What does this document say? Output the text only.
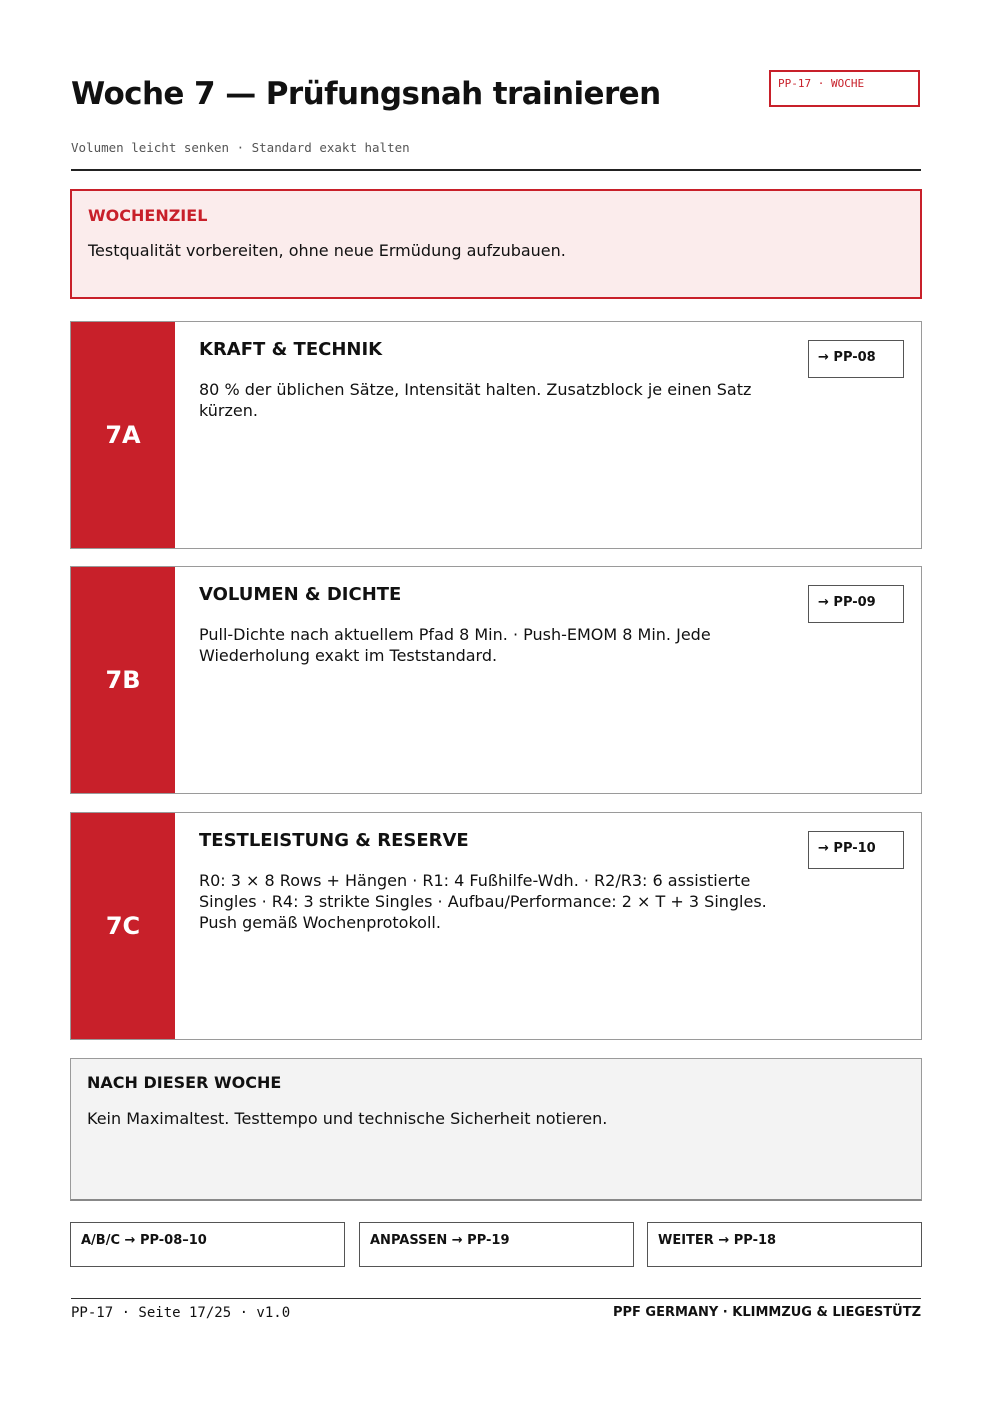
Woche 7 — Prüfungsnah trainieren	PP-17 · WOCHE
Volumen leicht senken · Standard exakt halten
WOCHENZIEL
Testqualität vorbereiten, ohne neue Ermüdung aufzubauen.
7A
KRAFT & TECHNIK
80 % der üblichen Sätze, Intensität halten. Zusatzblock je einen Satz kürzen.
→ PP-08
7B
VOLUMEN & DICHTE
Pull-Dichte nach aktuellem Pfad 8 Min. · Push-EMOM 8 Min. Jede Wiederholung exakt im Teststandard.
→ PP-09
7C
TESTLEISTUNG & RESERVE
R0: 3 × 8 Rows + Hängen · R1: 4 Fußhilfe-Wdh. · R2/R3: 6 assistierte Singles · R4: 3 strikte Singles · Aufbau/Performance: 2 × T + 3 Singles. Push gemäß Wochenprotokoll.
→ PP-10
NACH DIESER WOCHE
Kein Maximaltest. Testtempo und technische Sicherheit notieren.
A/B/C → PP-08–10	ANPASSEN → PP-19	WEITER → PP-18
PP-17 · Seite 17/25 · v1.0	PPF GERMANY · KLIMMZUG & LIEGESTÜTZ
